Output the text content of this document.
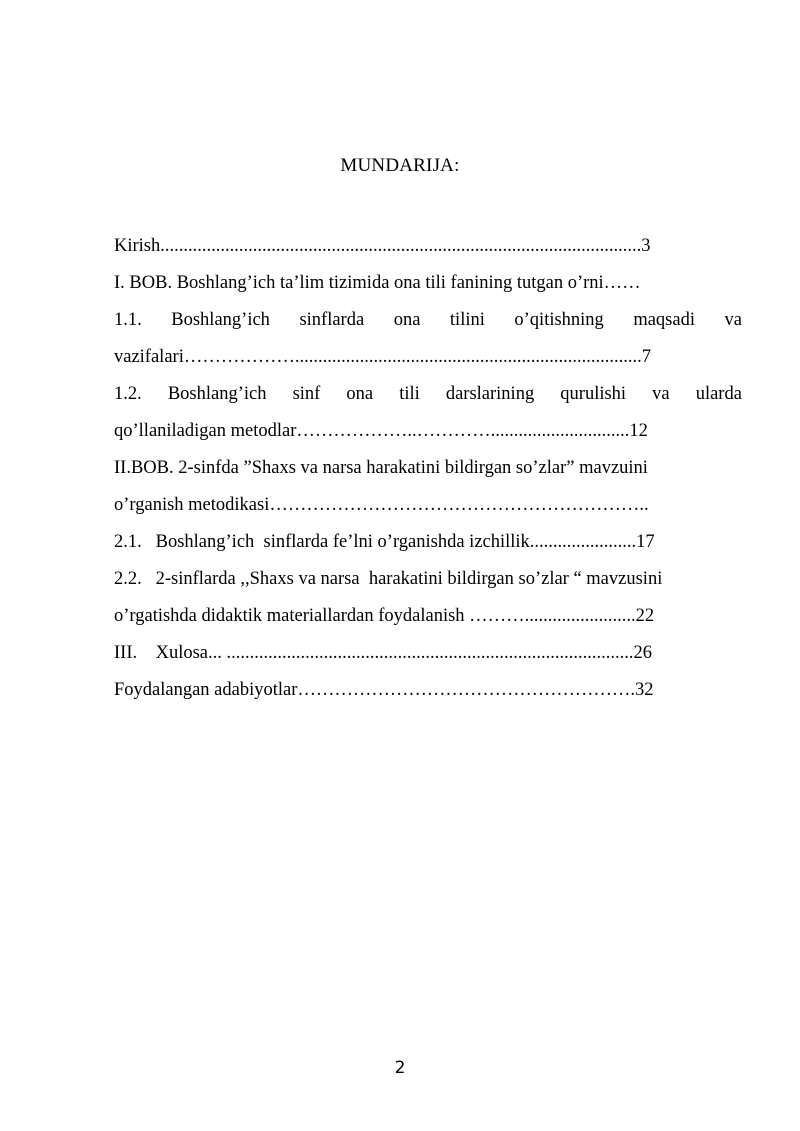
MUNDARIJA:
Kirish........................................................................................................3
I. BOB. Boshlang’ich ta’lim tizimida ona tili fanining tutgan o’rni……
1.1. Boshlang’ich sinflarda ona tilini o’qitishning maqsadi va
vazifalari………………...........................................................................7
1.2. Boshlang’ich sinf ona tili darslarining qurulishi va ularda
qo’llaniladigan metodlar………………..…………..............................12
II.BOB. 2-sinfda ”Shaxs va narsa harakatini bildirgan so’zlar” mavzuini
o’rganish metodikasi……………………………………………………..
2.1.   Boshlang’ich  sinflarda fe’lni o’rganishda izchillik.......................17
2.2.   2-sinflarda ,,Shaxs va narsa  harakatini bildirgan so’zlar “ mavzusini
o’rgatishda didaktik materiallardan foydalanish ………........................22
III.    Xulosa... ........................................................................................26
Foydalangan adabiyotlar……………………………………………….32
2
